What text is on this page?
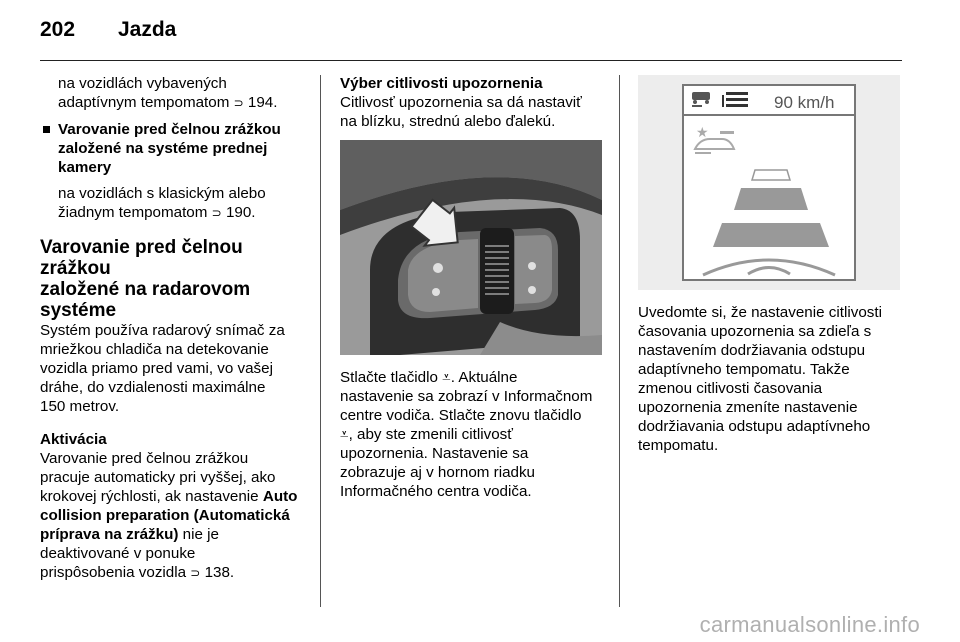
202 Jazda

na vozidlách vybavených

adaptívnym tempomatom ⊃ 194.

Varovanie pred čelnou zrážkou

založené na systéme prednej

kamery

na vozidlách s klasickým alebo

žiadnym tempomatom ⊃ 190.

Varovanie pred čelnou zrážkou

založené na radarovom

systéme

Systém používa radarový snímač za

mriežkou chladiča na detekovanie

vozidla priamo pred vami, vo vašej

dráhe, do vzdialenosti maximálne

150 metrov.

Aktivácia

Varovanie pred čelnou zrážkou

pracuje automaticky pri vyššej, ako

krokovej rýchlosti, ak nastavenie Auto

collision preparation (Automatická

príprava na zrážku) nie je

deaktivované v ponuke

prispôsobenia vozidla ⊃ 138.

Výber citlivosti upozornenia

Citlivosť upozornenia sa dá nastaviť

na blízku, strednú alebo ďalekú.

Stlačte tlačidlo ⩡. Aktuálne

nastavenie sa zobrazí v Informačnom

centre vodiča. Stlačte znovu tlačidlo

⩡, aby ste zmenili citlivosť

upozornenia. Nastavenie sa

zobrazuje aj v hornom riadku

Informačného centra vodiča.

90 km/h
★

Uvedomte si, že nastavenie citlivosti

časovania upozornenia sa zdieľa s

nastavením dodržiavania odstupu

adaptívneho tempomatu. Takže

zmenou citlivosti časovania

upozornenia zmeníte nastavenie

dodržiavania odstupu adaptívneho

tempomatu.

carmanualsonline.info
